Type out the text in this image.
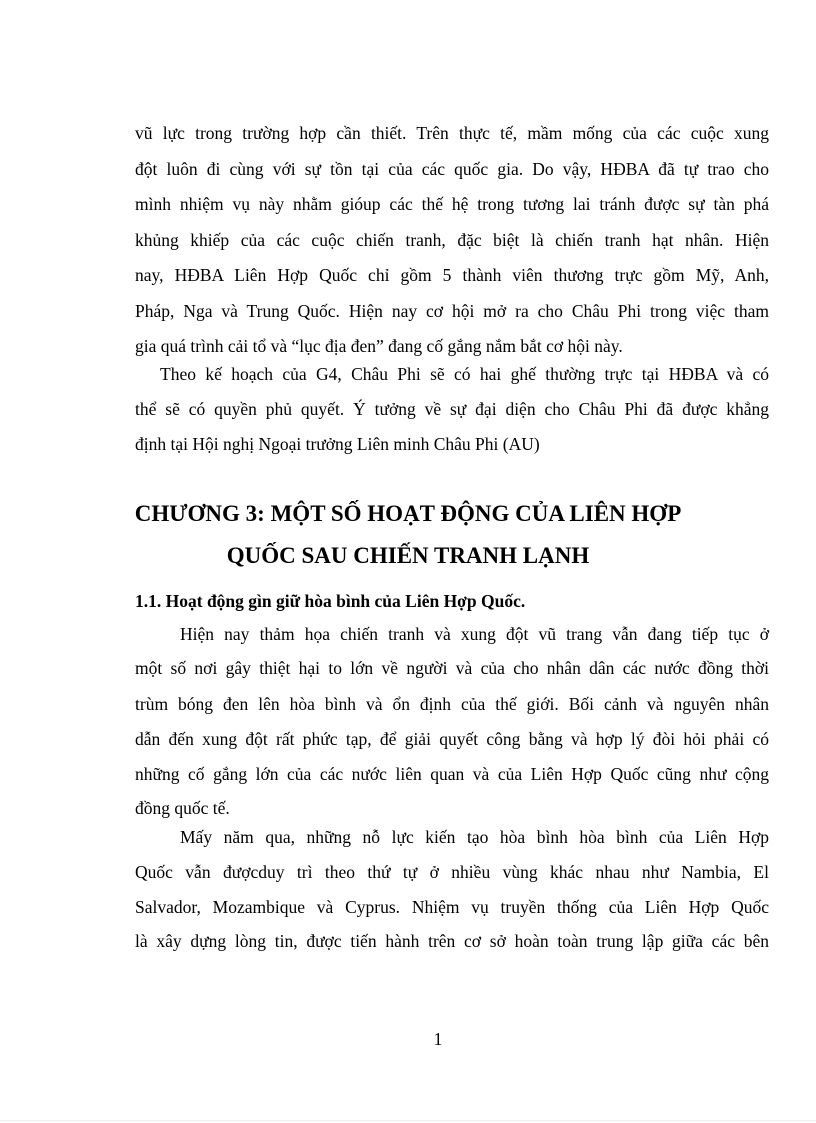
vũ lực trong trường hợp cần thiết. Trên thực tế, mầm mống của các cuộc xung
đột luôn đi cùng với sự tồn tại của các quốc gia. Do vậy, HĐBA đã tự trao cho
mình nhiệm vụ này nhằm gióup các thế hệ trong tương lai tránh được sự tàn phá
khủng khiếp của các cuộc chiến tranh, đặc biệt là chiến tranh hạt nhân. Hiện
nay, HĐBA Liên Hợp Quốc chỉ gồm 5 thành viên thương trực gồm Mỹ, Anh,
Pháp, Nga và Trung Quốc. Hiện nay cơ hội mở ra cho Châu Phi trong việc tham
gia quá trình cải tổ và “lục địa đen” đang cố gắng nắm bắt cơ hội này.
Theo kế hoạch của G4, Châu Phi sẽ có hai ghế thường trực tại HĐBA và có
thể sẽ có quyền phủ quyết. Ý tưởng về sự đại diện cho Châu Phi đã được khẳng
định tại Hội nghị Ngoại trưởng Liên minh Châu Phi (AU)
CHƯƠNG 3: MỘT SỐ HOẠT ĐỘNG CỦA LIÊN HỢP
QUỐC SAU CHIẾN TRANH LẠNH
1.1. Hoạt động gìn giữ hòa bình của Liên Hợp Quốc.
Hiện nay thảm họa chiến tranh và xung đột vũ trang vẫn đang tiếp tục ở
một số nơi gây thiệt hại to lớn về người và của cho nhân dân các nước đồng thời
trùm bóng đen lên hòa bình và ổn định của thế giới. Bối cảnh và nguyên nhân
dẫn đến xung đột rất phức tạp, để giải quyết công bằng và hợp lý đòi hỏi phải có
những cố gắng lớn của các nước liên quan và của Liên Hợp Quốc cũng như cộng
đồng quốc tế.
Mấy năm qua, những nỗ lực kiến tạo hòa bình hòa bình của Liên Hợp
Quốc vẫn đượcduy trì theo thứ tự ở nhiều vùng khác nhau như Nambia, El
Salvador, Mozambique và Cyprus. Nhiệm vụ truyền thống của Liên Hợp Quốc
là xây dựng lòng tin, được tiến hành trên cơ sở hoàn toàn trung lập giữa các bên
1
